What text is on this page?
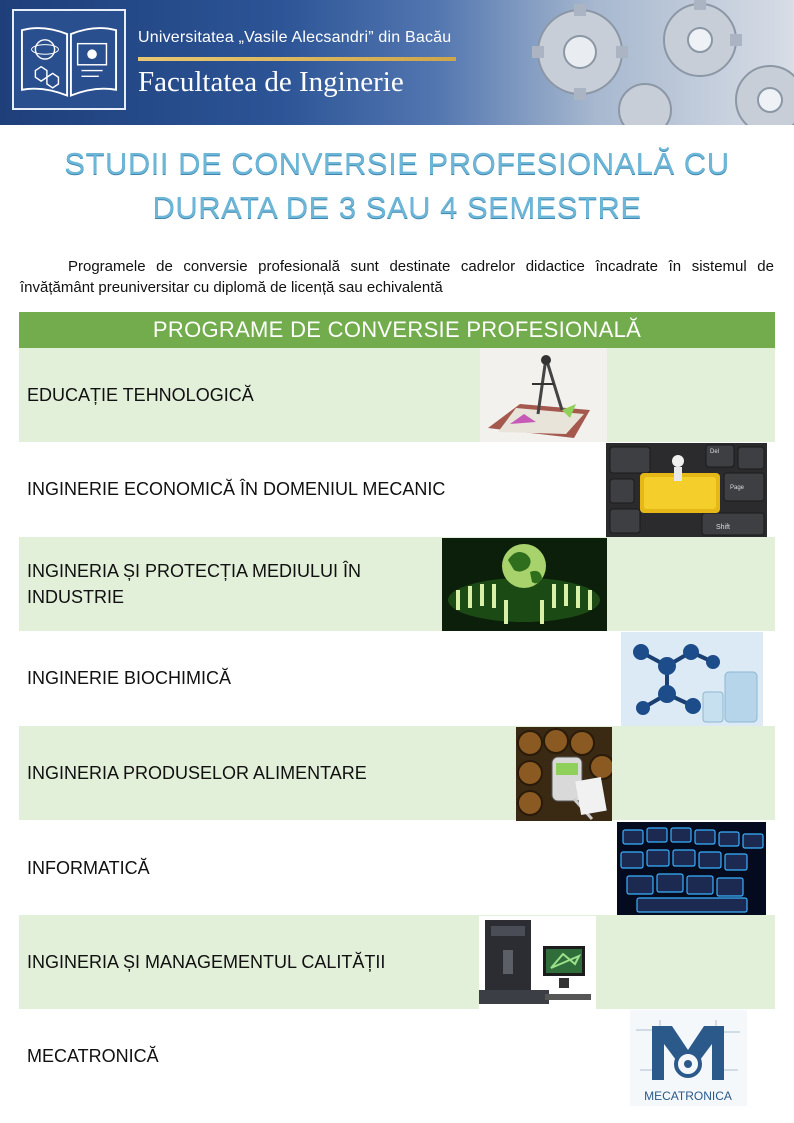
Universitatea „Vasile Alecsandri” din Bacău
Facultatea de Inginerie
STUDII DE CONVERSIE PROFESIONALĂ CU
DURATA DE 3 SAU 4 SEMESTRE
Programele de conversie profesională sunt destinate cadrelor didactice încadrate în sistemul de învățământ preuniversitar cu diplomă de licență sau echivalentă
PROGRAME DE CONVERSIE PROFESIONALĂ
EDUCAȚIE TEHNOLOGICĂ
INGINERIE ECONOMICĂ ÎN DOMENIUL MECANIC
Del
Page
Shift
INGINERIA ȘI PROTECȚIA MEDIULUI ÎN INDUSTRIE
INGINERIE BIOCHIMICĂ
INGINERIA PRODUSELOR ALIMENTARE
INFORMATICĂ
INGINERIA ȘI MANAGEMENTUL CALITĂȚII
MECATRONICĂ
MECATRONICA
